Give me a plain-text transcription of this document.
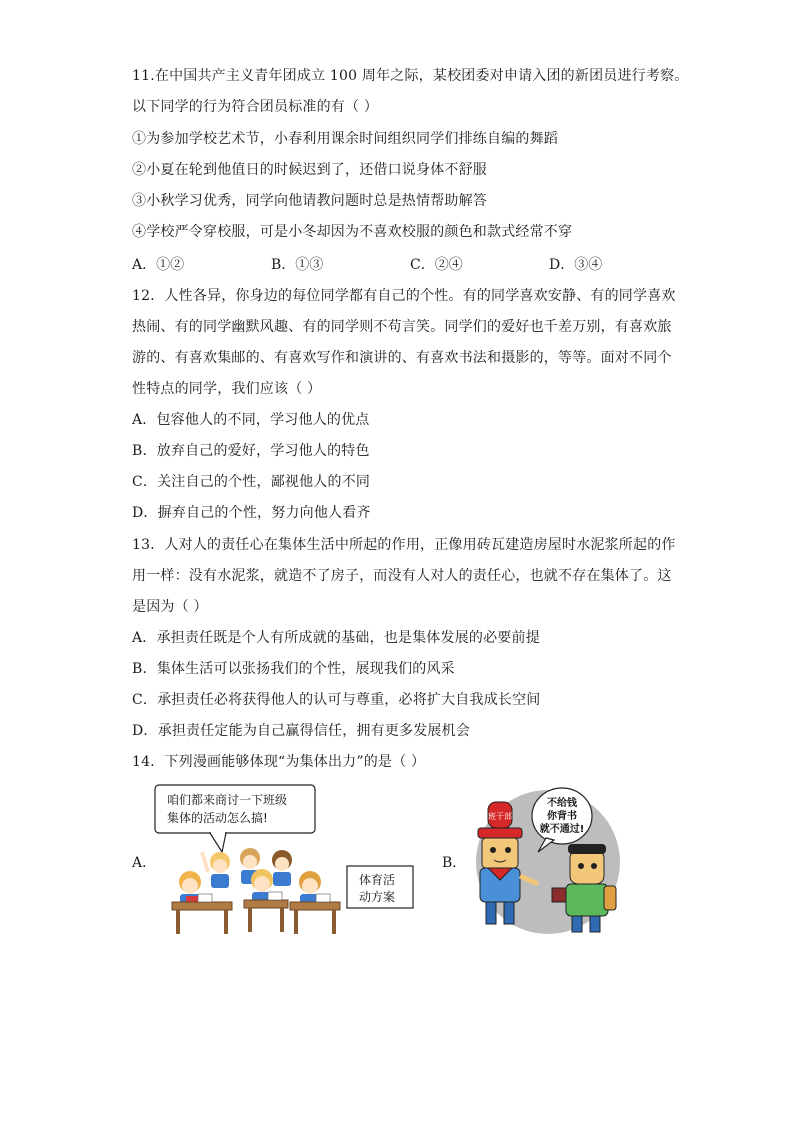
11.在中国共产主义青年团成立 100 周年之际，某校团委对申请入团的新团员进行考察。
以下同学的行为符合团员标准的有（ ）
①为参加学校艺术节，小春利用课余时间组织同学们排练自编的舞蹈
②小夏在轮到他值日的时候迟到了，还借口说身体不舒服
③小秋学习优秀，同学向他请教问题时总是热情帮助解答
④学校严令穿校服，可是小冬却因为不喜欢校服的颜色和款式经常不穿
A．①②	B．①③	C．②④	D．③④
12．人性各异，你身边的每位同学都有自己的个性。有的同学喜欢安静、有的同学喜欢
热闹、有的同学幽默风趣、有的同学则不苟言笑。同学们的爱好也千差万别，有喜欢旅
游的、有喜欢集邮的、有喜欢写作和演讲的、有喜欢书法和摄影的，等等。面对不同个
性特点的同学，我们应该（ ）
A．包容他人的不同，学习他人的优点
B．放弃自己的爱好，学习他人的特色
C．关注自己的个性，鄙视他人的不同
D．摒弃自己的个性，努力向他人看齐
13．人对人的责任心在集体生活中所起的作用，正像用砖瓦建造房屋时水泥浆所起的作
用一样：没有水泥浆，就造不了房子，而没有人对人的责任心，也就不存在集体了。这
是因为（ ）
A．承担责任既是个人有所成就的基础，也是集体发展的必要前提
B．集体生活可以张扬我们的个性，展现我们的风采
C．承担责任必将获得他人的认可与尊重，必将扩大自我成长空间
D．承担责任定能为自己赢得信任，拥有更多发展机会
14．下列漫画能够体现“为集体出力”的是（ ）
A．	B．
咱们都来商讨一下班级
集体的活动怎么搞!
体育活
动方案
不给钱
你背书
就不通过!
班干部
